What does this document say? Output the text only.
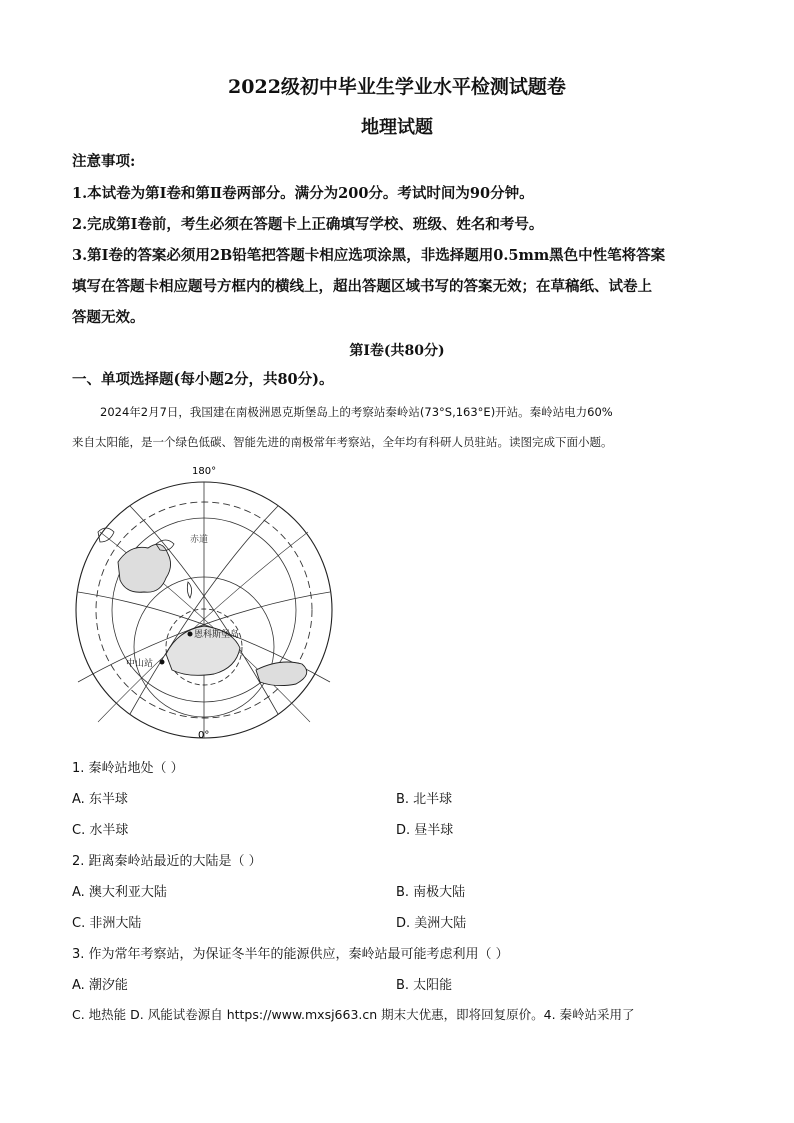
2022级初中毕业生学业水平检测试题卷
地理试题
注意事项:
1.本试卷为第Ⅰ卷和第Ⅱ卷两部分。满分为200分。考试时间为90分钟。
2.完成第Ⅰ卷前，考生必须在答题卡上正确填写学校、班级、姓名和考号。
3.第Ⅰ卷的答案必须用2B铅笔把答题卡相应选项涂黑，非选择题用0.5mm黑色中性笔将答案
填写在答题卡相应题号方框内的横线上，超出答题区域书写的答案无效；在草稿纸、试卷上
答题无效。
第Ⅰ卷(共80分)
一、单项选择题(每小题2分，共80分)。
2024年2月7日，我国建在南极洲恩克斯堡岛上的考察站秦岭站(73°S,163°E)开站。秦岭站电力60%
来自太阳能，是一个绿色低碳、智能先进的南极常年考察站，全年均有科研人员驻站。读图完成下面小题。
180°
赤道
恩科斯堡岛
中山站
0°
1. 秦岭站地处（ ）
A. 东半球	B. 北半球
C. 水半球	D. 昼半球
2. 距离秦岭站最近的大陆是（ ）
A. 澳大利亚大陆	B. 南极大陆
C. 非洲大陆	D. 美洲大陆
3. 作为常年考察站，为保证冬半年的能源供应，秦岭站最可能考虑利用（ ）
A. 潮汐能	B. 太阳能
C. 地热能 D. 风能试卷源自 https://www.mxsj663.cn 期末大优惠，即将回复原价。4. 秦岭站采用了
